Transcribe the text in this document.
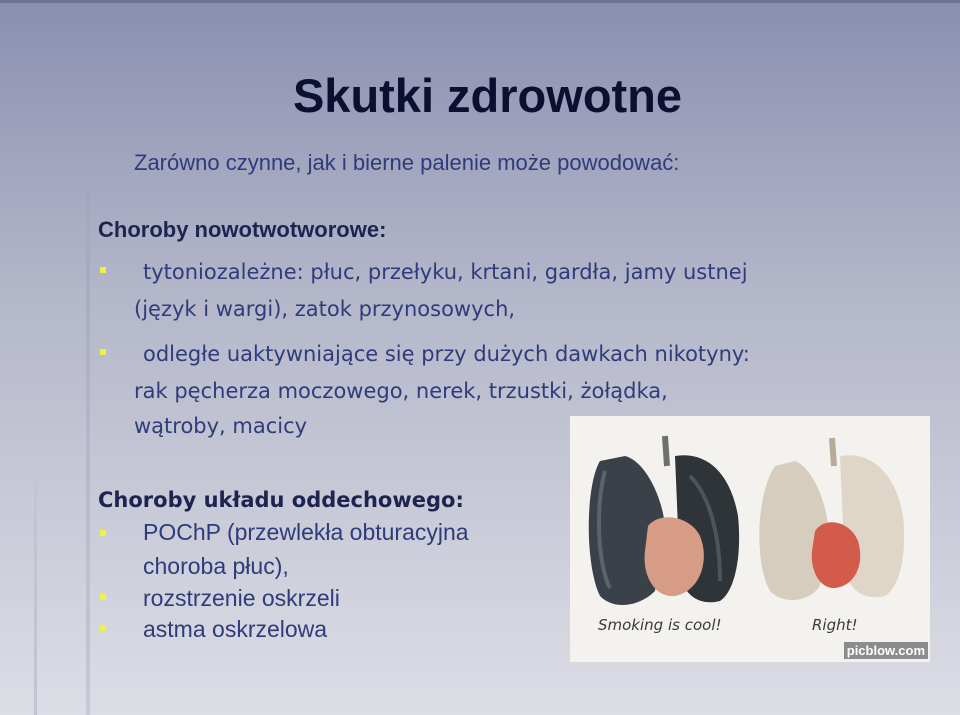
Skutki zdrowotne
Zarówno czynne, jak i bierne palenie może powodować:
Choroby nowotwotworowe:
tytoniozależne: płuc, przełyku, krtani, gardła, jamy ustnej
(język i wargi), zatok przynosowych,
odległe uaktywniające się przy dużych dawkach nikotyny:
rak pęcherza moczowego, nerek, trzustki, żołądka,
wątroby, macicy
Choroby układu oddechowego:
POChP (przewlekła obturacyjna
choroba płuc),
rozstrzenie oskrzeli
astma oskrzelowa	Smoking is cool!	Right!
picblow.com
